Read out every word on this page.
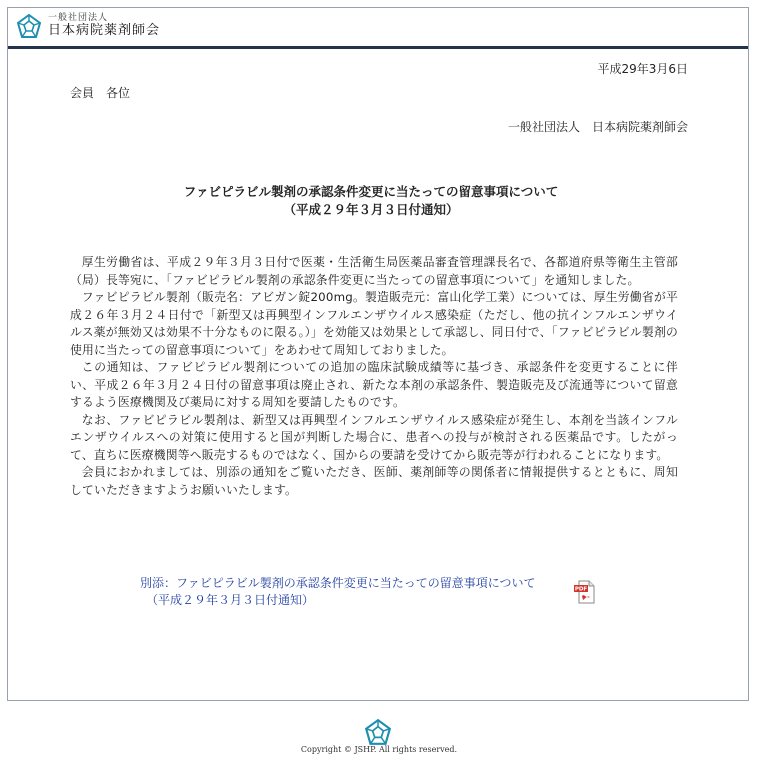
一般社団法人
日本病院薬剤師会
平成29年3月6日
会員　各位
一般社団法人　日本病院薬剤師会
ファビピラビル製剤の承認条件変更に当たっての留意事項について
（平成２９年３月３日付通知）

厚生労働省は、平成２９年３月３日付で医薬・生活衛生局医薬品審査管理課長名で、各都道府県等衛生主管部（局）長等宛に、「ファビピラビル製剤の承認条件変更に当たっての留意事項について」を通知しました。

ファビピラビル製剤（販売名：アビガン錠200mg。製造販売元：富山化学工業）については、厚生労働省が平成２６年３月２４日付で「新型又は再興型インフルエンザウイルス感染症（ただし、他の抗インフルエンザウイルス薬が無効又は効果不十分なものに限る。）」を効能又は効果として承認し、同日付で、「ファビピラビル製剤の使用に当たっての留意事項について」をあわせて周知しておりました。

この通知は、ファビピラビル製剤についての追加の臨床試験成績等に基づき、承認条件を変更することに伴い、平成２６年３月２４日付の留意事項は廃止され、新たな本剤の承認条件、製造販売及び流通等について留意するよう医療機関及び薬局に対する周知を要請したものです。

なお、ファビピラビル製剤は、新型又は再興型インフルエンザウイルス感染症が発生し、本剤を当該インフルエンザウイルスへの対策に使用すると国が判断した場合に、患者への投与が検討される医薬品です。したがって、直ちに医療機関等へ販売するものではなく、国からの要請を受けてから販売等が行われることになります。

会員におかれましては、別添の通知をご覧いただき、医師、薬剤師等の関係者に情報提供するとともに、周知していただきますようお願いいたします。

別添：ファビピラビル製剤の承認条件変更に当たっての留意事項について
（平成２９年３月３日付通知）
PDF
Copyright © JSHP. All rights reserved.
